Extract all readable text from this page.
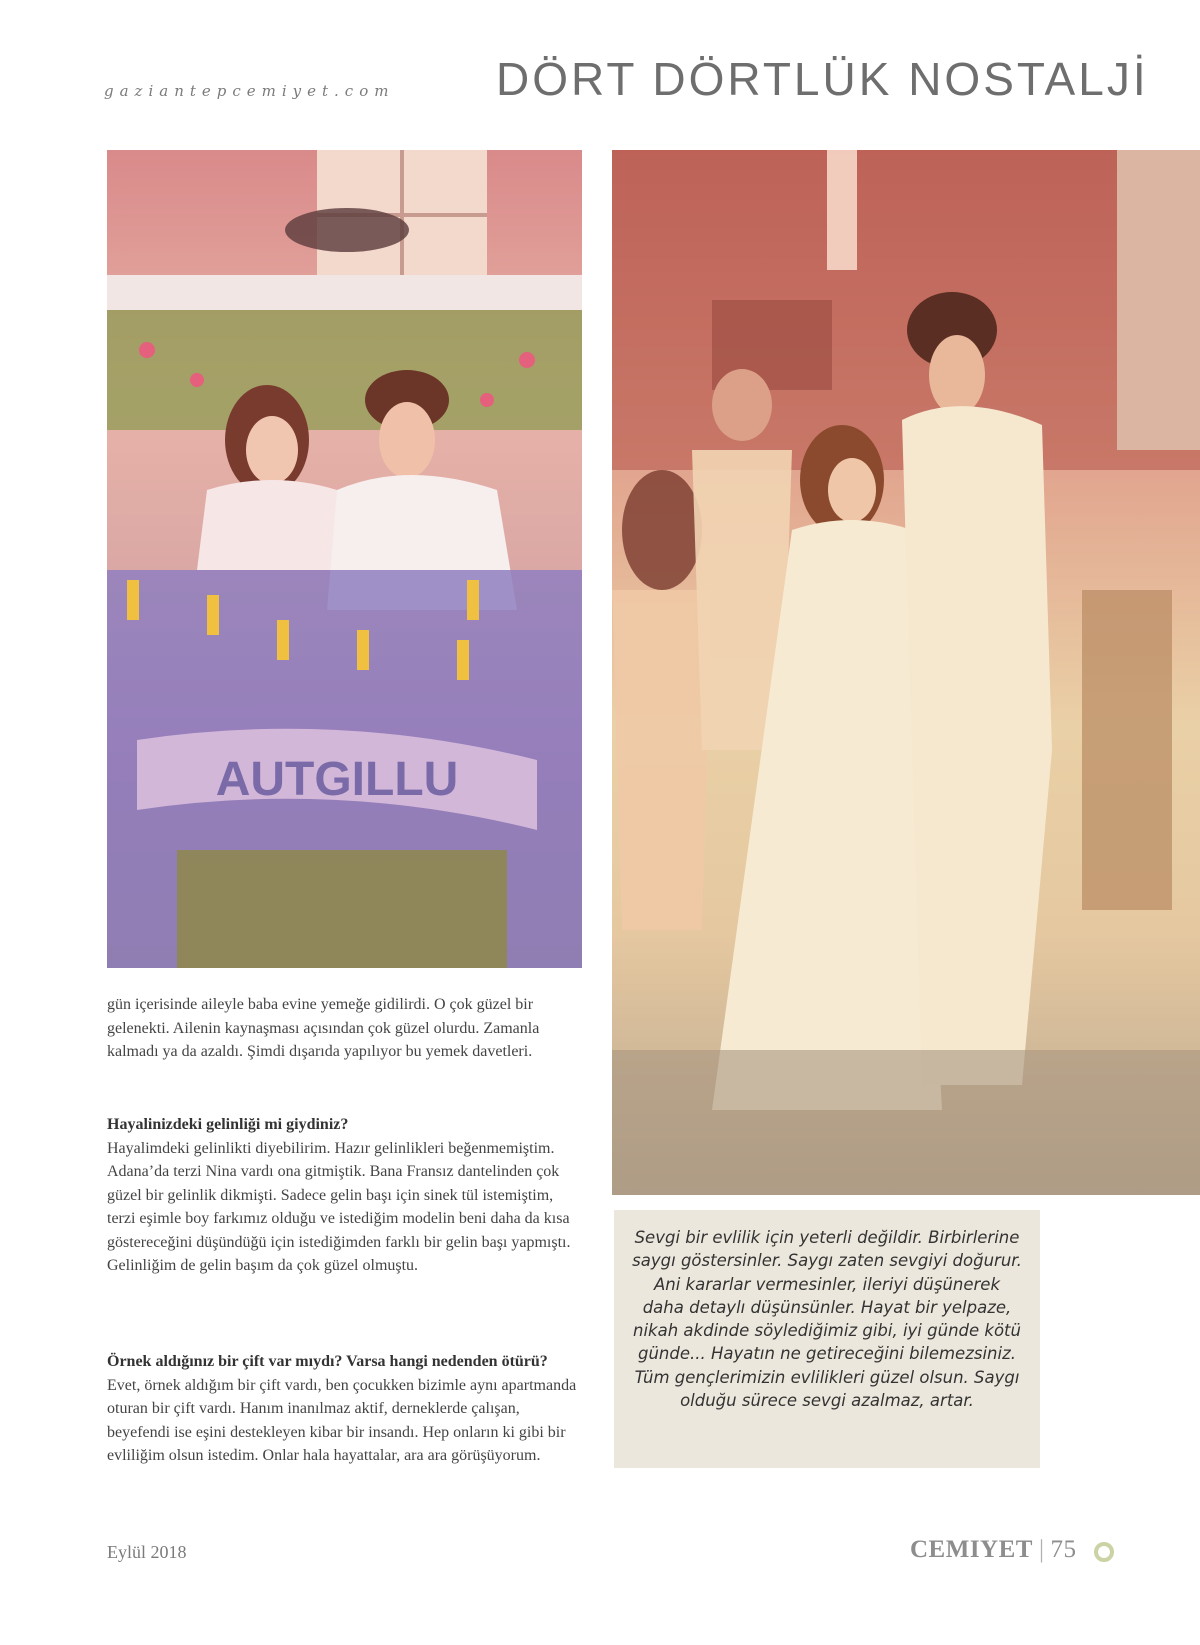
gaziantepcemiyet.com DÖRT DÖRTLÜK NOSTALJİ
AUTGILLU

gün içerisinde aileyle baba evine yemeğe gidilirdi. O çok güzel bir gelenekti. Ailenin kaynaşması açısından çok güzel olurdu. Zamanla kalmadı ya da azaldı. Şimdi dışarıda yapılıyor bu yemek davetleri.

Hayalinizdeki gelinliği mi giydiniz?

Hayalimdeki gelinlikti diyebilirim. Hazır gelinlikleri beğenmemiştim. Adana’da terzi Nina vardı ona gitmiştik. Bana Fransız dantelinden çok güzel bir gelinlik dikmişti. Sadece gelin başı için sinek tül istemiştim, terzi eşimle boy farkımız olduğu ve istediğim modelin beni daha da kısa göstereceğini düşündüğü için istediğimden farklı bir gelin başı yapmıştı. Gelinliğim de gelin başım da çok güzel olmuştu.

Örnek aldığınız bir çift var mıydı? Varsa hangi nedenden ötürü?

Evet, örnek aldığım bir çift vardı, ben çocukken bizimle aynı apartmanda oturan bir çift vardı. Hanım inanılmaz aktif, derneklerde çalışan, beyefendi ise eşini destekleyen kibar bir insandı. Hep onların ki gibi bir evliliğim olsun istedim. Onlar hala hayattalar, ara ara görüşüyorum.

Sevgi bir evlilik için yeterli değildir. Birbirlerine saygı göstersinler. Saygı zaten sevgiyi doğurur. Ani kararlar vermesinler, ileriyi düşünerek daha detaylı düşünsünler. Hayat bir yelpaze, nikah akdinde söylediğimiz gibi, iyi günde kötü günde... Hayatın ne getireceğini bilemezsiniz. Tüm gençlerimizin evlilikleri güzel olsun. Saygı olduğu sürece sevgi azalmaz, artar.
Eylül 2018	CEMIYET | 75
